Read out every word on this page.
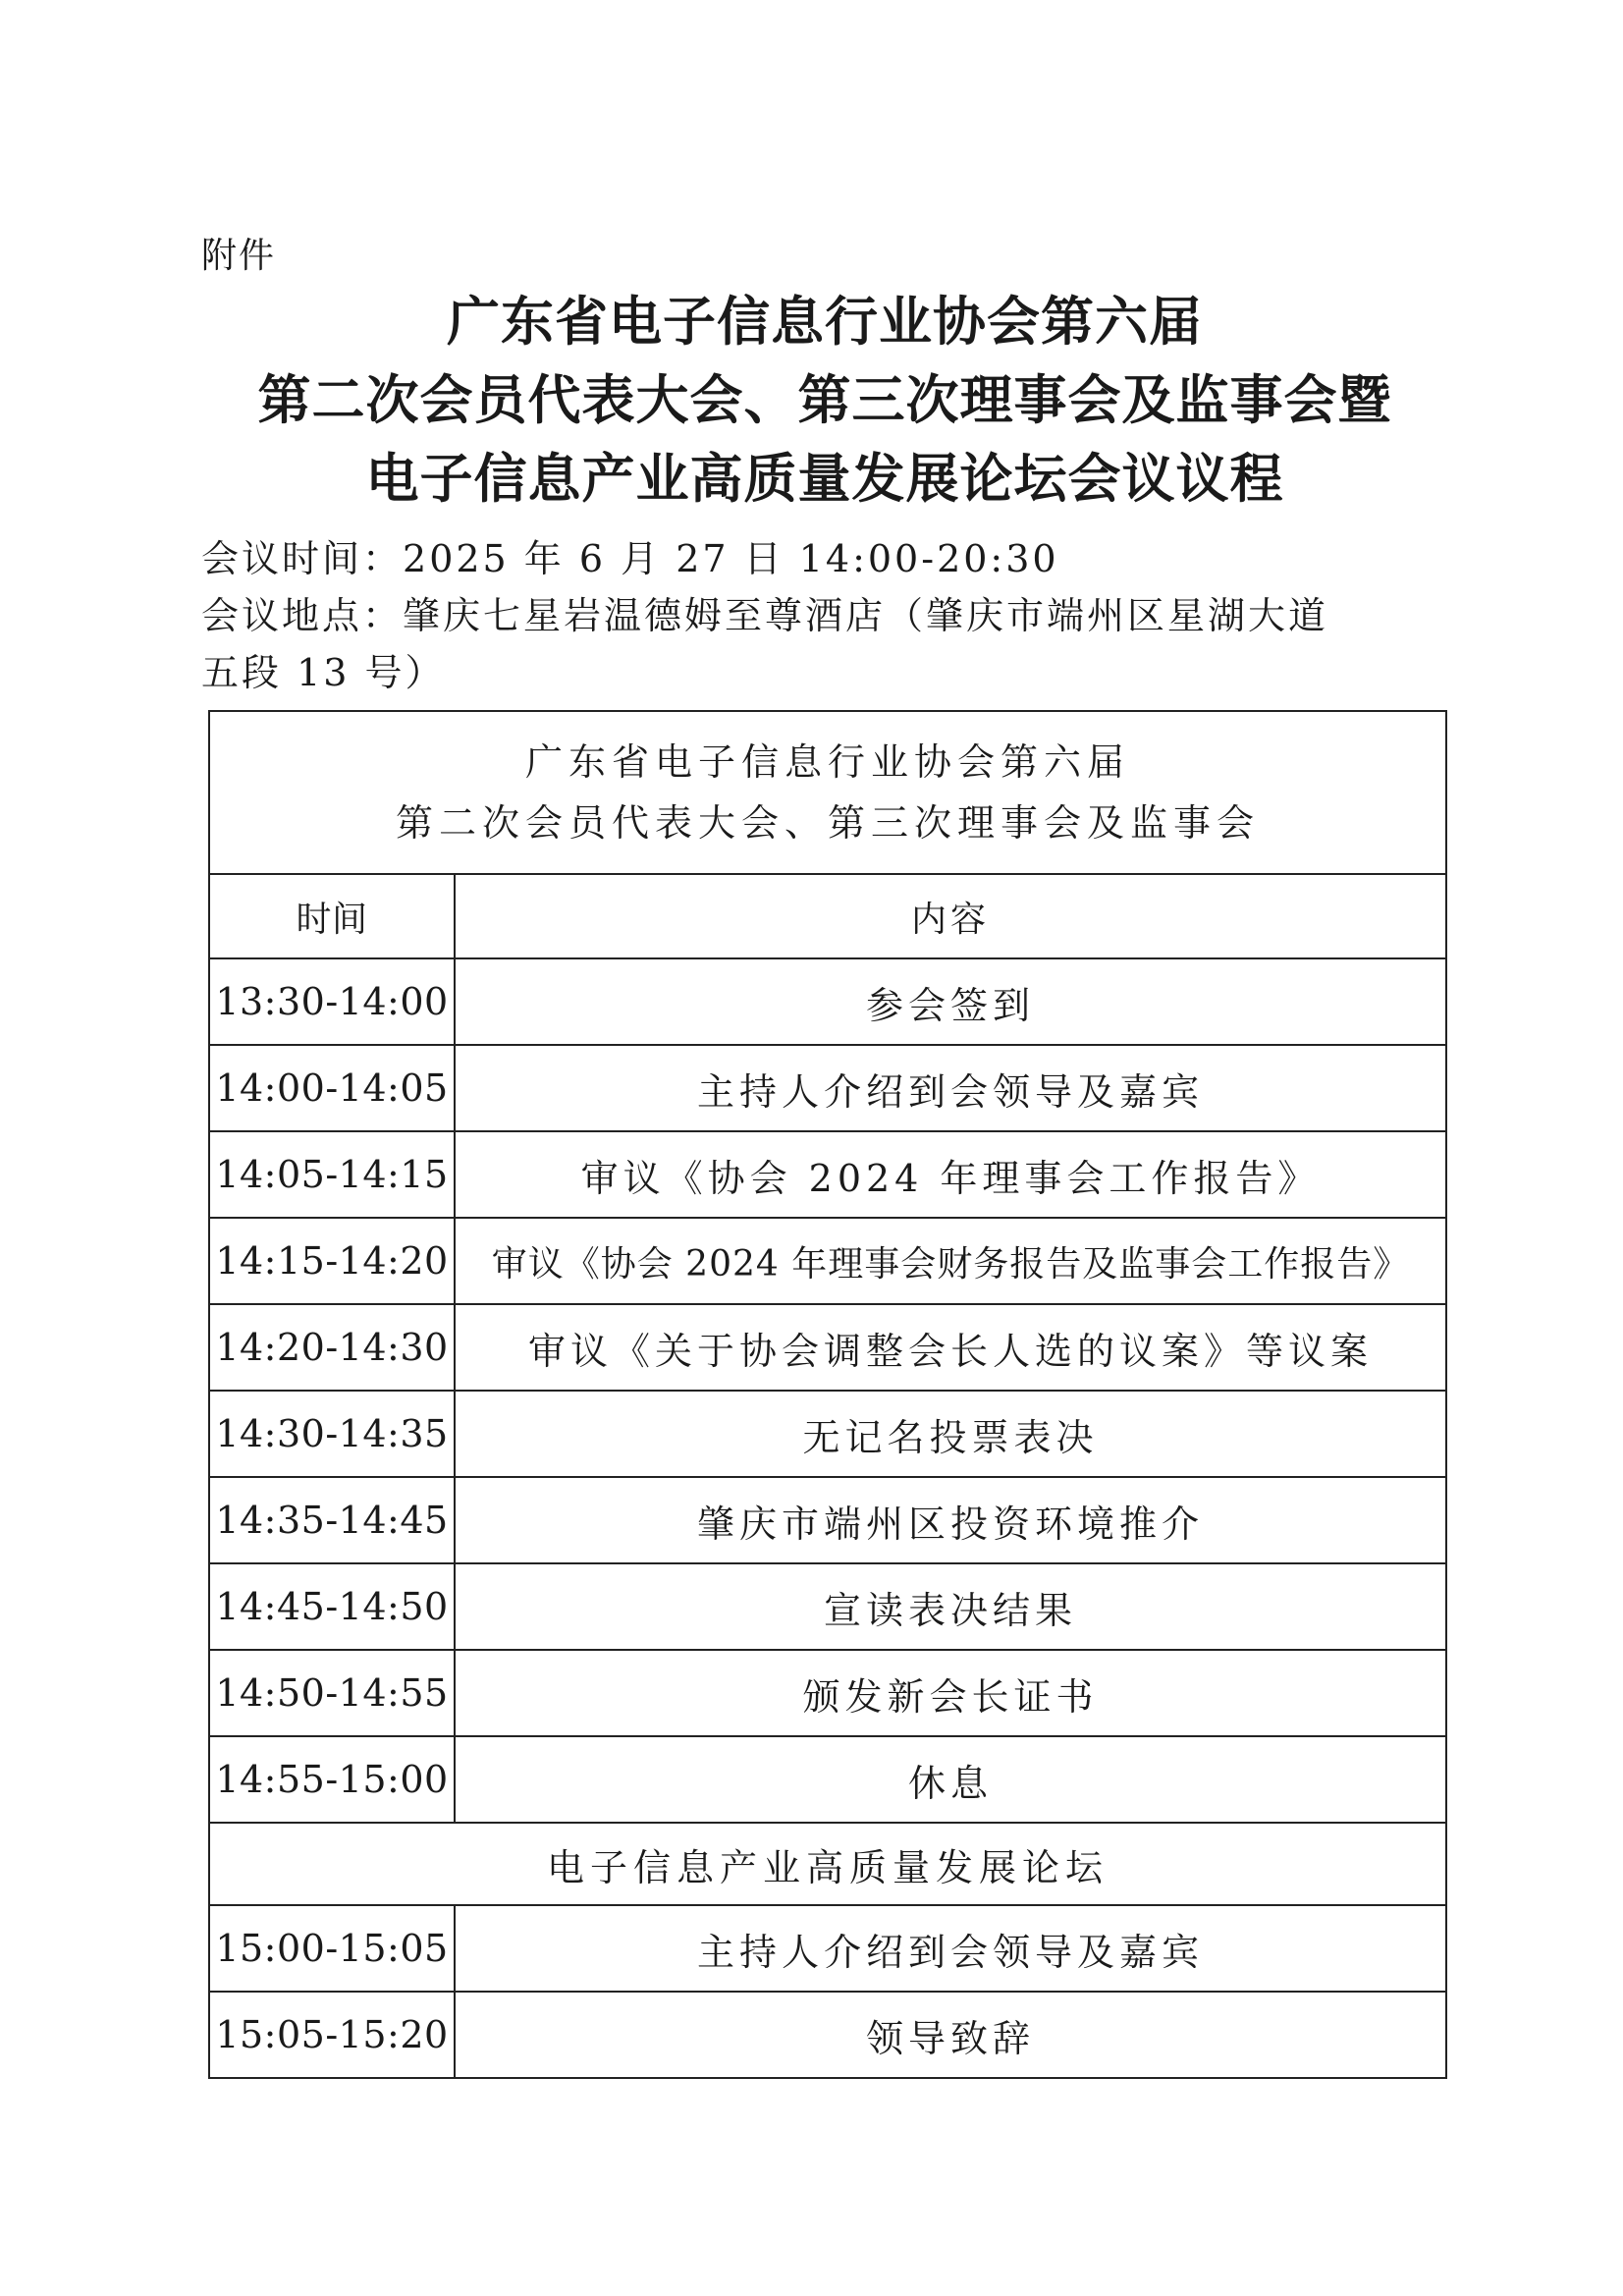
附件
广东省电子信息行业协会第六届
第二次会员代表大会、第三次理事会及监事会暨
电子信息产业高质量发展论坛会议议程
会议时间：2025 年 6 月 27 日 14:00-20:30
会议地点：肇庆七星岩温德姆至尊酒店（肇庆市端州区星湖大道
五段 13 号）
广东省电子信息行业协会第六届
第二次会员代表大会、第三次理事会及监事会	

时间	内容
13:30-14:00	参会签到
14:00-14:05	主持人介绍到会领导及嘉宾
14:05-14:15	审议《协会 2024 年理事会工作报告》
14:15-14:20	审议《协会 2024 年理事会财务报告及监事会工作报告》
14:20-14:30	审议《关于协会调整会长人选的议案》等议案
14:30-14:35	无记名投票表决
14:35-14:45	肇庆市端州区投资环境推介
14:45-14:50	宣读表决结果
14:50-14:55	颁发新会长证书
14:55-15:00	休息
电子信息产业高质量发展论坛	
15:00-15:05	主持人介绍到会领导及嘉宾
15:05-15:20	领导致辞
